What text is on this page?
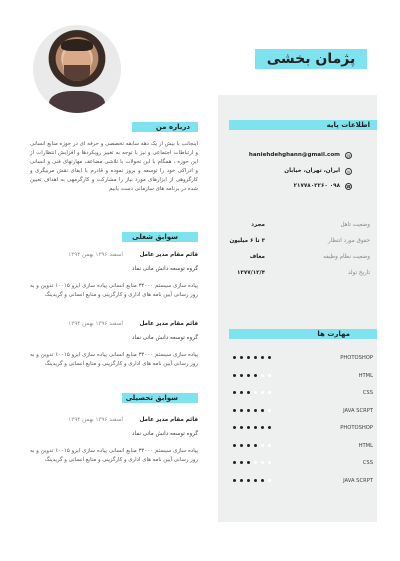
پژمان بخشی
اطلاعات پایه
@
haniehdehghann@gmail.com
◎
ایران، تهران، خیابان
☎
۰۹۸ ۲۱۷۷۸۰۲۲۶۰
وضعیت تاهل
مجرد
حقوق مورد انتظار
۳ تا ۶ میلیون
وضعیت نظام وظیفه
معاف
تاریخ تولد
۱۳۷۷/۱۲/۴
مهارت ها
PHOTOSHOP
HTML
CSS
JAVA SCRPT
PHOTOSHOP
HTML
CSS
JAVA SCRPT
درباره من
اینجانب با بیش از یک دهه سابقه تخصصی و حرفه ای در حوزه منابع انسانی و ارتباطات اجتماعی و نیز با توجه به تغییر رویکردها و افزایش انتظارات از این حوزه ، همگام با این تحولات با تلاشی مضاعف مهارتهای فنی و انسانی و ادراکی خود را توسعه و بروز نموده و قادرم با ایفای نقش مربیگری و کارگروهی از ابزارهای مورد نیاز را مشارکت و کارگرمهی به اهداف تعیین شده در برنامه های سازمانی دست یابیم
سوابق شغلی
قائم مقام مدیر عامل
اسفند ۱۳۹۶ بهمن ۱۳۹۴
گروه توسعه دانش ماتی نماد
پیاده سازی سیستم ۳۴۰۰۰ منابع انسانی پیاده سازی ایزو ۱۰۰۱۵ تدوین و به روز رسانی آیین نامه های اداری و کارگزینی و منابع انسانی و گریدینگ
قائم مقام مدیر عامل
اسفند ۱۳۹۶ بهمن ۱۳۹۴
گروه توسعه دانش ماتی نماد
پیاده سازی سیستم ۳۴۰۰۰ منابع انسانی پیاده سازی ایزو ۱۰۰۱۵ تدوین و به روز رسانی آیین نامه های اداری و کارگزینی و منابع انسانی و گریدینگ
سوابق تحصیلی
قائم مقام مدیر عامل
اسفند ۱۳۹۶ بهمن ۱۳۹۴
گروه توسعه دانش ماتی نماد
پیاده سازی سیستم ۳۴۰۰۰ منابع انسانی پیاده سازی ایزو ۱۰۰۱۵ تدوین و به روز رسانی آیین نامه های اداری و کارگزینی و منابع انسانی و گریدینگ
